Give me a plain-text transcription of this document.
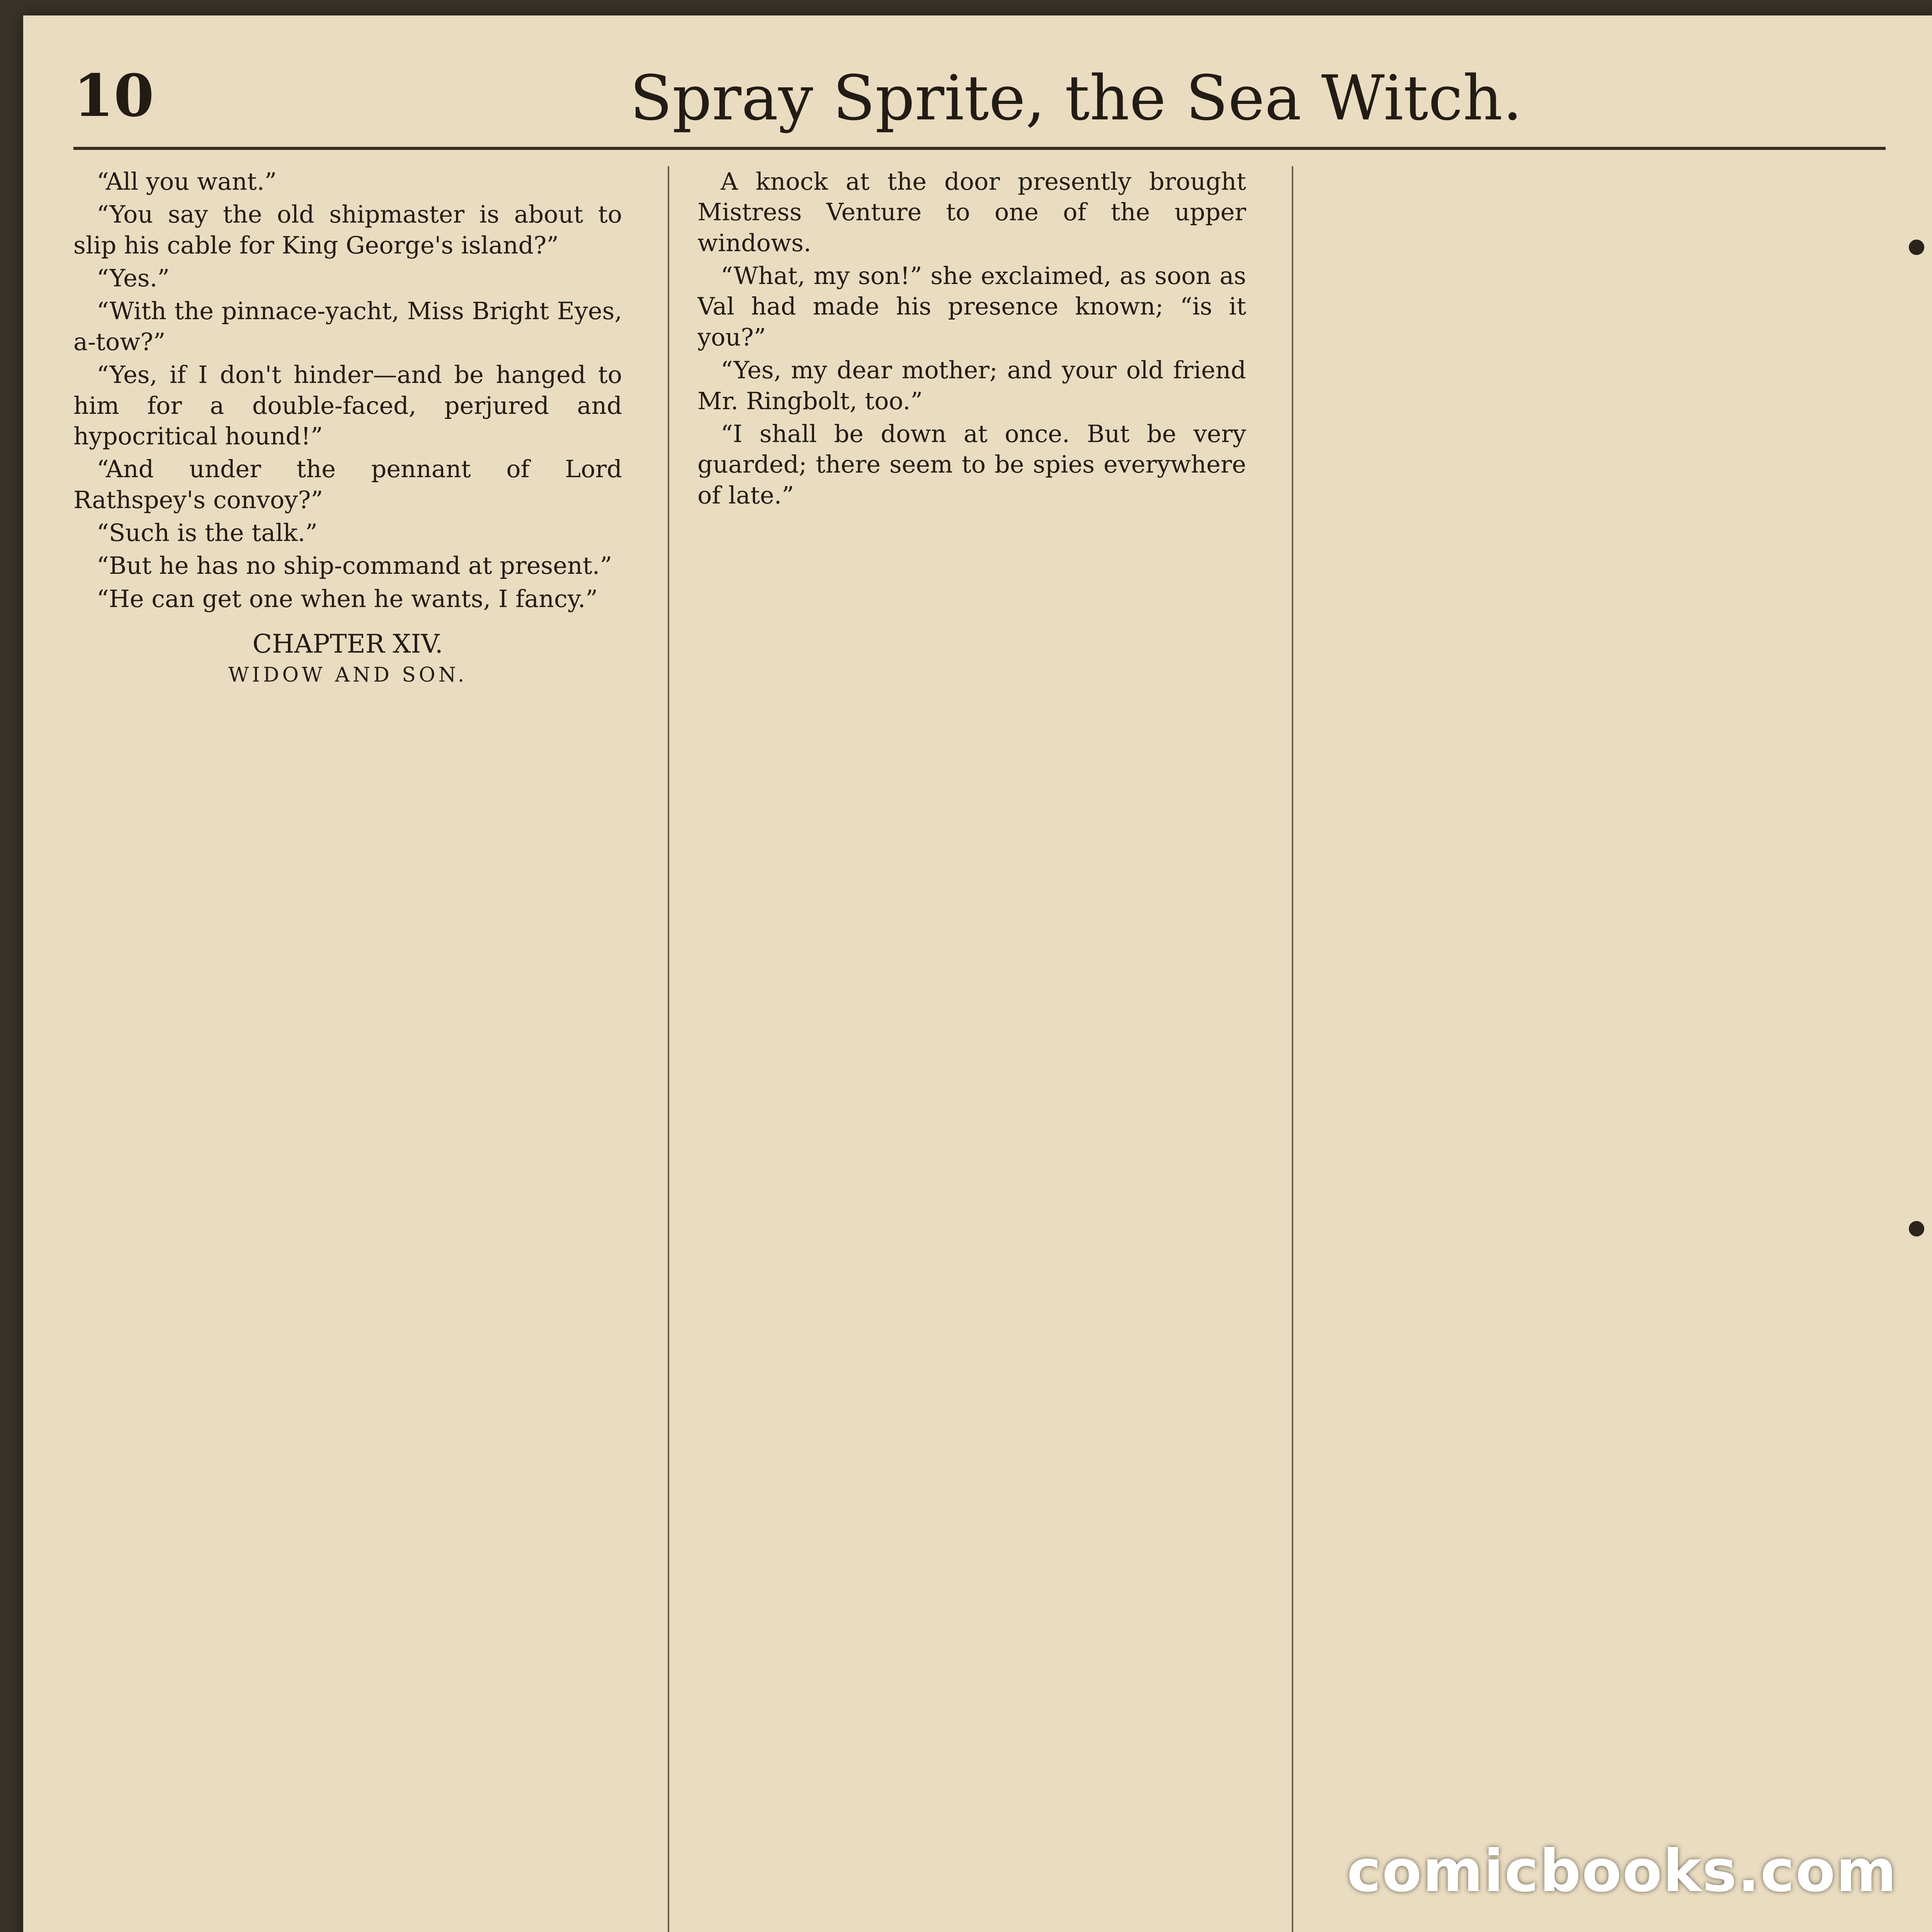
10	Spray Sprite, the Sea Witch.

“All you want.”

“You say the old shipmaster is about to slip his cable for King George's island?”

“Yes.”

“With the pinnace-yacht, Miss Bright Eyes, a-tow?”

“Yes, if I don't hinder—and be hanged to him for a double-faced, perjured and hypocritical hound!”

“And under the pennant of Lord Rathspey's convoy?”

“Such is the talk.”

“But he has no ship-command at present.”

“He can get one when he wants, I fancy.”

CHAPTER XIV.
WIDOW AND SON.

A knock at the door presently brought Mistress Venture to one of the upper windows.

“What, my son!” she exclaimed, as soon as Val had made his presence known; “is it you?”

“Yes, my dear mother; and your old friend Mr. Ringbolt, too.”

“I shall be down at once. But be very guarded; there seem to be spies everywhere of late.”

comicbooks.com
